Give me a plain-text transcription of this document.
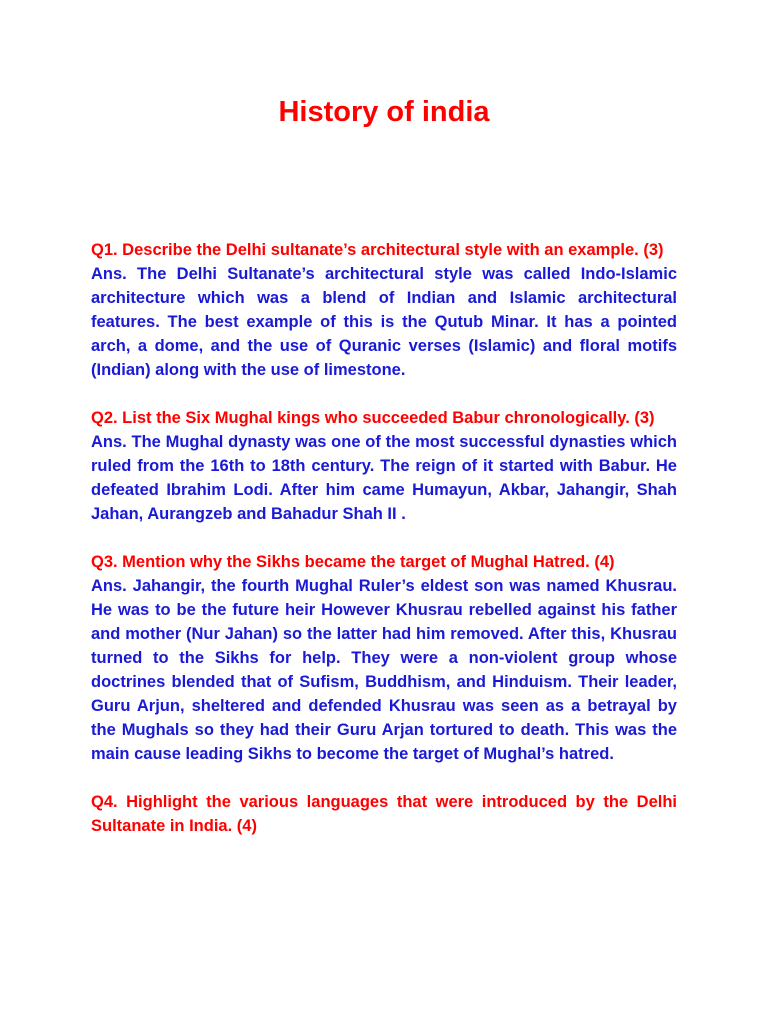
History of india

Q1. Describe the Delhi sultanate’s architectural style with an example. (3)

Ans. The Delhi Sultanate’s architectural style was called Indo-Islamic architecture which was a blend of Indian and Islamic architectural features. The best example of this is the Qutub Minar. It has a pointed arch, a dome, and the use of Quranic verses (Islamic) and floral motifs (Indian) along with the use of limestone.

Q2. List the Six Mughal kings who succeeded Babur chronologically. (3)

Ans. The Mughal dynasty was one of the most successful dynasties which ruled from the 16th to 18th century. The reign of it started with Babur. He defeated Ibrahim Lodi. After him came Humayun, Akbar, Jahangir, Shah Jahan, Aurangzeb and Bahadur Shah II .

Q3. Mention why the Sikhs became the target of Mughal Hatred. (4)

Ans. Jahangir, the fourth Mughal Ruler’s eldest son was named Khusrau. He was to be the future heir However Khusrau rebelled against his father and mother (Nur Jahan) so the latter had him removed. After this, Khusrau turned to the Sikhs for help. They were a non-violent group whose doctrines blended that of Sufism, Buddhism, and Hinduism. Their leader, Guru Arjun, sheltered and defended Khusrau was seen as a betrayal by the Mughals so they had their Guru Arjan tortured to death. This was the main cause leading Sikhs to become the target of Mughal’s hatred.

Q4. Highlight the various languages that were introduced by the Delhi Sultanate in India. (4)
